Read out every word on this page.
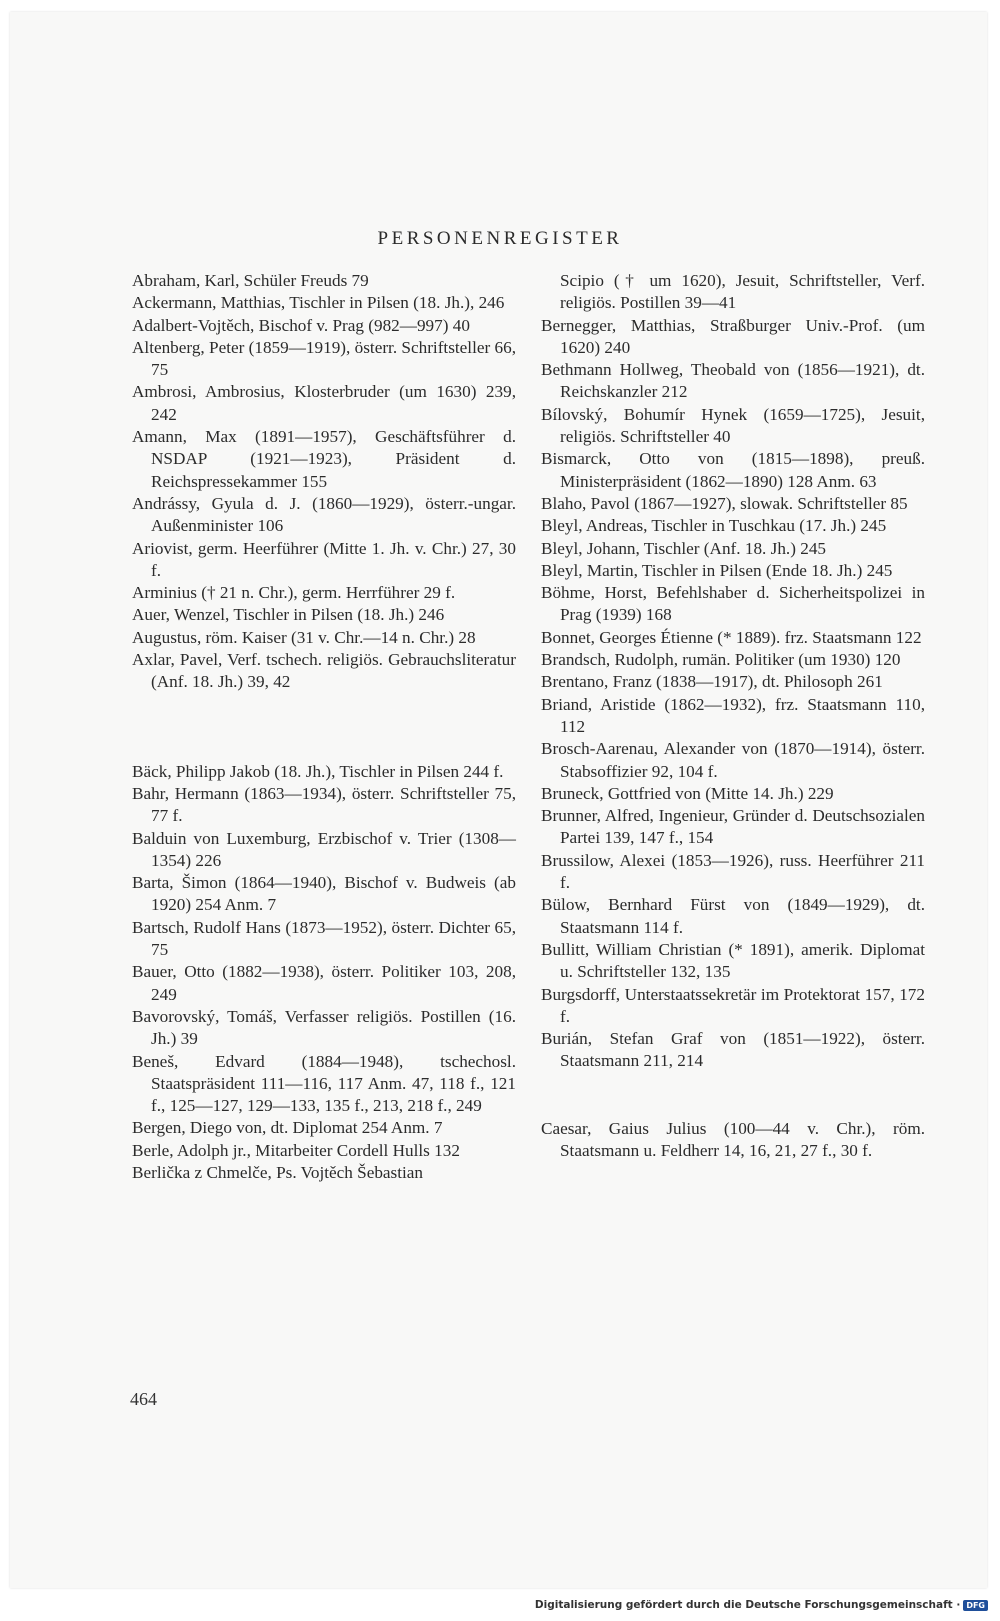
PERSONENREGISTER

Abraham, Karl, Schüler Freuds 79

Ackermann, Matthias, Tischler in Pilsen (18. Jh.), 246

Adalbert-Vojtěch, Bischof v. Prag (982—997) 40

Altenberg, Peter (1859—1919), österr. Schriftsteller 66, 75

Ambrosi, Ambrosius, Klosterbruder (um 1630) 239, 242

Amann, Max (1891—1957), Geschäftsführer d. NSDAP (1921—1923), Präsident d. Reichspressekammer 155

Andrássy, Gyula d. J. (1860—1929), österr.-ungar. Außenminister 106

Ariovist, germ. Heerführer (Mitte 1. Jh. v. Chr.) 27, 30 f.

Arminius († 21 n. Chr.), germ. Herrführer 29 f.

Auer, Wenzel, Tischler in Pilsen (18. Jh.) 246

Augustus, röm. Kaiser (31 v. Chr.—14 n. Chr.) 28

Axlar, Pavel, Verf. tschech. religiös. Gebrauchsliteratur (Anf. 18. Jh.) 39, 42

Bäck, Philipp Jakob (18. Jh.), Tischler in Pilsen 244 f.

Bahr, Hermann (1863—1934), österr. Schriftsteller 75, 77 f.

Balduin von Luxemburg, Erzbischof v. Trier (1308—1354) 226

Barta, Šimon (1864—1940), Bischof v. Budweis (ab 1920) 254 Anm. 7

Bartsch, Rudolf Hans (1873—1952), österr. Dichter 65, 75

Bauer, Otto (1882—1938), österr. Politiker 103, 208, 249

Bavorovský, Tomáš, Verfasser religiös. Postillen (16. Jh.) 39

Beneš, Edvard (1884—1948), tschechosl. Staatspräsident 111—116, 117 Anm. 47, 118 f., 121 f., 125—127, 129—133, 135 f., 213, 218 f., 249

Bergen, Diego von, dt. Diplomat 254 Anm. 7

Berle, Adolph jr., Mitarbeiter Cordell Hulls 132

Berlička z Chmelče, Ps. Vojtěch Šebastian

Scipio († um 1620), Jesuit, Schriftsteller, Verf. religiös. Postillen 39—41

Bernegger, Matthias, Straßburger Univ.-Prof. (um 1620) 240

Bethmann Hollweg, Theobald von (1856—1921), dt. Reichskanzler 212

Bílovský, Bohumír Hynek (1659—1725), Jesuit, religiös. Schriftsteller 40

Bismarck, Otto von (1815—1898), preuß. Ministerpräsident (1862—1890) 128 Anm. 63

Blaho, Pavol (1867—1927), slowak. Schriftsteller 85

Bleyl, Andreas, Tischler in Tuschkau (17. Jh.) 245

Bleyl, Johann, Tischler (Anf. 18. Jh.) 245

Bleyl, Martin, Tischler in Pilsen (Ende 18. Jh.) 245

Böhme, Horst, Befehlshaber d. Sicherheitspolizei in Prag (1939) 168

Bonnet, Georges Étienne (* 1889). frz. Staatsmann 122

Brandsch, Rudolph, rumän. Politiker (um 1930) 120

Brentano, Franz (1838—1917), dt. Philosoph 261

Briand, Aristide (1862—1932), frz. Staatsmann 110, 112

Brosch-Aarenau, Alexander von (1870—1914), österr. Stabsoffizier 92, 104 f.

Bruneck, Gottfried von (Mitte 14. Jh.) 229

Brunner, Alfred, Ingenieur, Gründer d. Deutschsozialen Partei 139, 147 f., 154

Brussilow, Alexei (1853—1926), russ. Heerführer 211 f.

Bülow, Bernhard Fürst von (1849—1929), dt. Staatsmann 114 f.

Bullitt, William Christian (* 1891), amerik. Diplomat u. Schriftsteller 132, 135

Burgsdorff, Unterstaatssekretär im Protektorat 157, 172 f.

Burián, Stefan Graf von (1851—1922), österr. Staatsmann 211, 214

Caesar, Gaius Julius (100—44 v. Chr.), röm. Staatsmann u. Feldherr 14, 16, 21, 27 f., 30 f.

464
Digitalisierung gefördert durch die Deutsche Forschungsgemeinschaft · DFG
